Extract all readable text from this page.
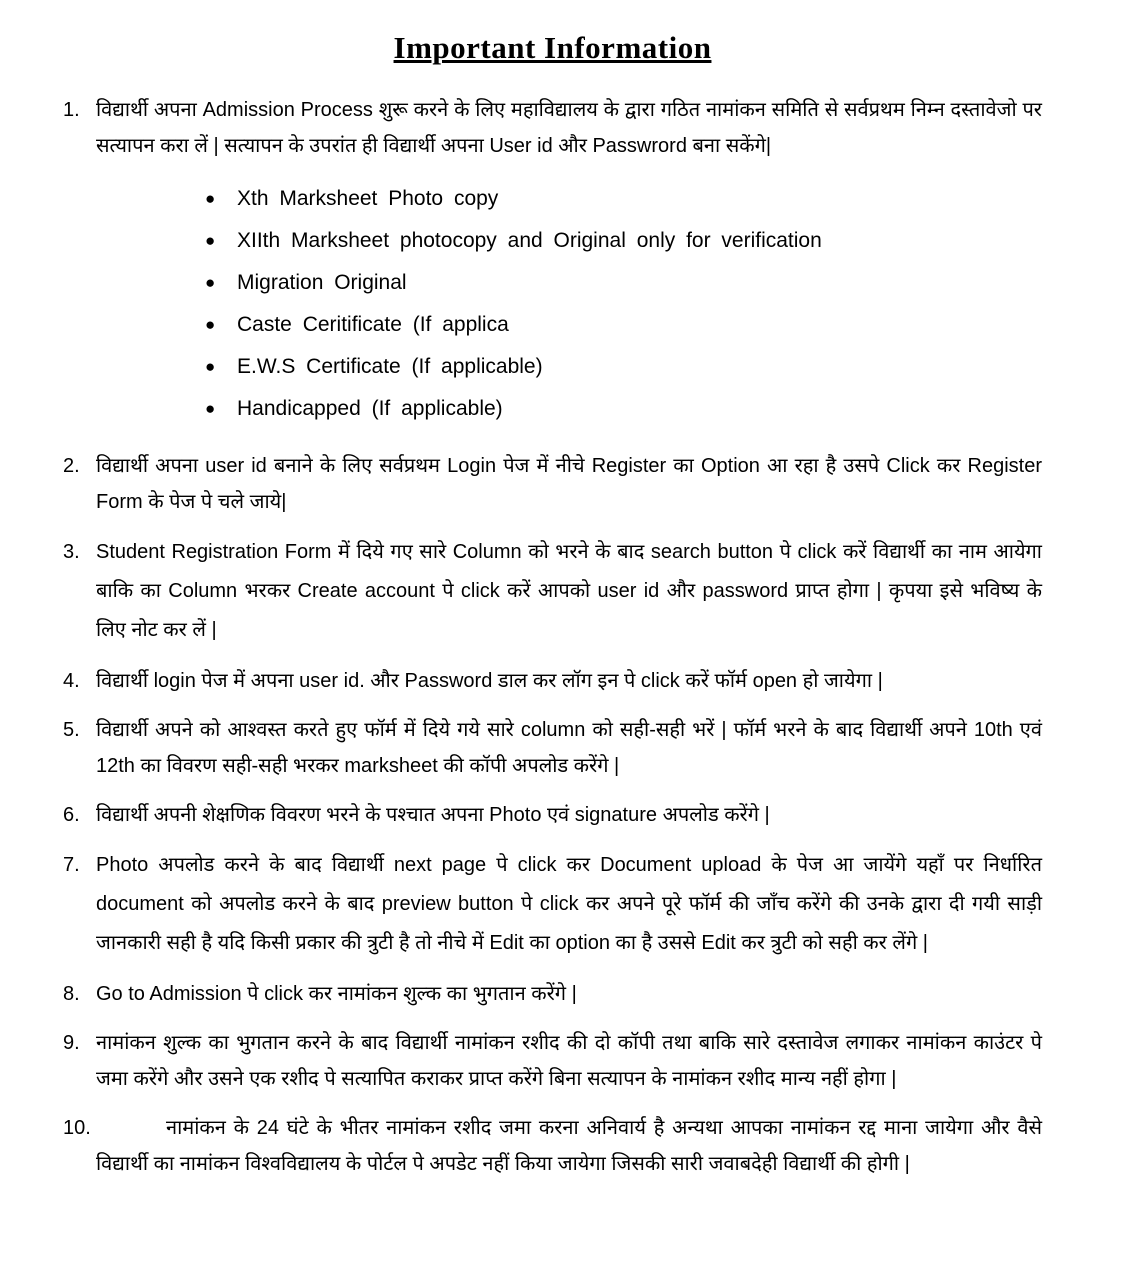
Important Information
1. विद्यार्थी अपना Admission Process शुरू करने के लिए महाविद्यालय के द्वारा गठित नामांकन समिति से सर्वप्रथम निम्न दस्तावेजो पर सत्यापन करा लें | सत्यापन के उपरांत ही विद्यार्थी अपना User id और Passwrord बना सकेंगे|
●	Xth Marksheet Photo copy
●	XIIth Marksheet photocopy and Original only for verification
●	Migration Original
●	Caste Ceritificate (If applica
●	E.W.S Certificate (If applicable)
●	Handicapped (If applicable)
2. विद्यार्थी अपना user id बनाने के लिए सर्वप्रथम Login पेज में नीचे Register का Option आ रहा है उसपे Click कर Register Form के पेज पे चले जाये|
3. Student Registration Form में दिये गए सारे Column को भरने के बाद search button पे click करें विद्यार्थी का नाम आयेगा बाकि का Column भरकर Create account पे click करें आपको user id और password प्राप्त होगा | कृपया इसे भविष्य के लिए नोट कर लें |
4. विद्यार्थी login पेज में अपना user id. और Password डाल कर लॉग इन पे click करें फॉर्म open हो जायेगा |
5. विद्यार्थी अपने को आश्वस्त करते हुए फॉर्म में दिये गये सारे column को सही-सही भरें | फॉर्म भरने के बाद विद्यार्थी अपने 10th एवं 12th का विवरण सही-सही भरकर marksheet की कॉपी अपलोड करेंगे |
6. विद्यार्थी अपनी शेक्षणिक विवरण भरने के पश्चात अपना Photo एवं signature अपलोड करेंगे |
7. Photo अपलोड करने के बाद विद्यार्थी next page पे click कर Document upload के पेज आ जायेंगे यहाँ पर निर्धारित document को अपलोड करने के बाद preview button पे click कर अपने पूरे फॉर्म की जाँच करेंगे की उनके द्वारा दी गयी साड़ी जानकारी सही है यदि किसी प्रकार की त्रुटी है तो नीचे में Edit का option का है उससे Edit कर त्रुटी को सही कर लेंगे |
8. Go to Admission पे click कर नामांकन शुल्क का भुगतान करेंगे |
9. नामांकन शुल्क का भुगतान करने के बाद विद्यार्थी नामांकन रशीद की दो कॉपी तथा बाकि सारे दस्तावेज लगाकर नामांकन काउंटर पे जमा करेंगे और उसने एक रशीद पे सत्यापित कराकर प्राप्त करेंगे बिना सत्यापन के नामांकन रशीद मान्य नहीं होगा |
10.	नामांकन के 24 घंटे के भीतर नामांकन रशीद जमा करना अनिवार्य है अन्यथा आपका नामांकन रद्द माना जायेगा और वैसे विद्यार्थी का नामांकन विश्वविद्यालय के पोर्टल पे अपडेट नहीं किया जायेगा जिसकी सारी जवाबदेही विद्यार्थी की होगी |
